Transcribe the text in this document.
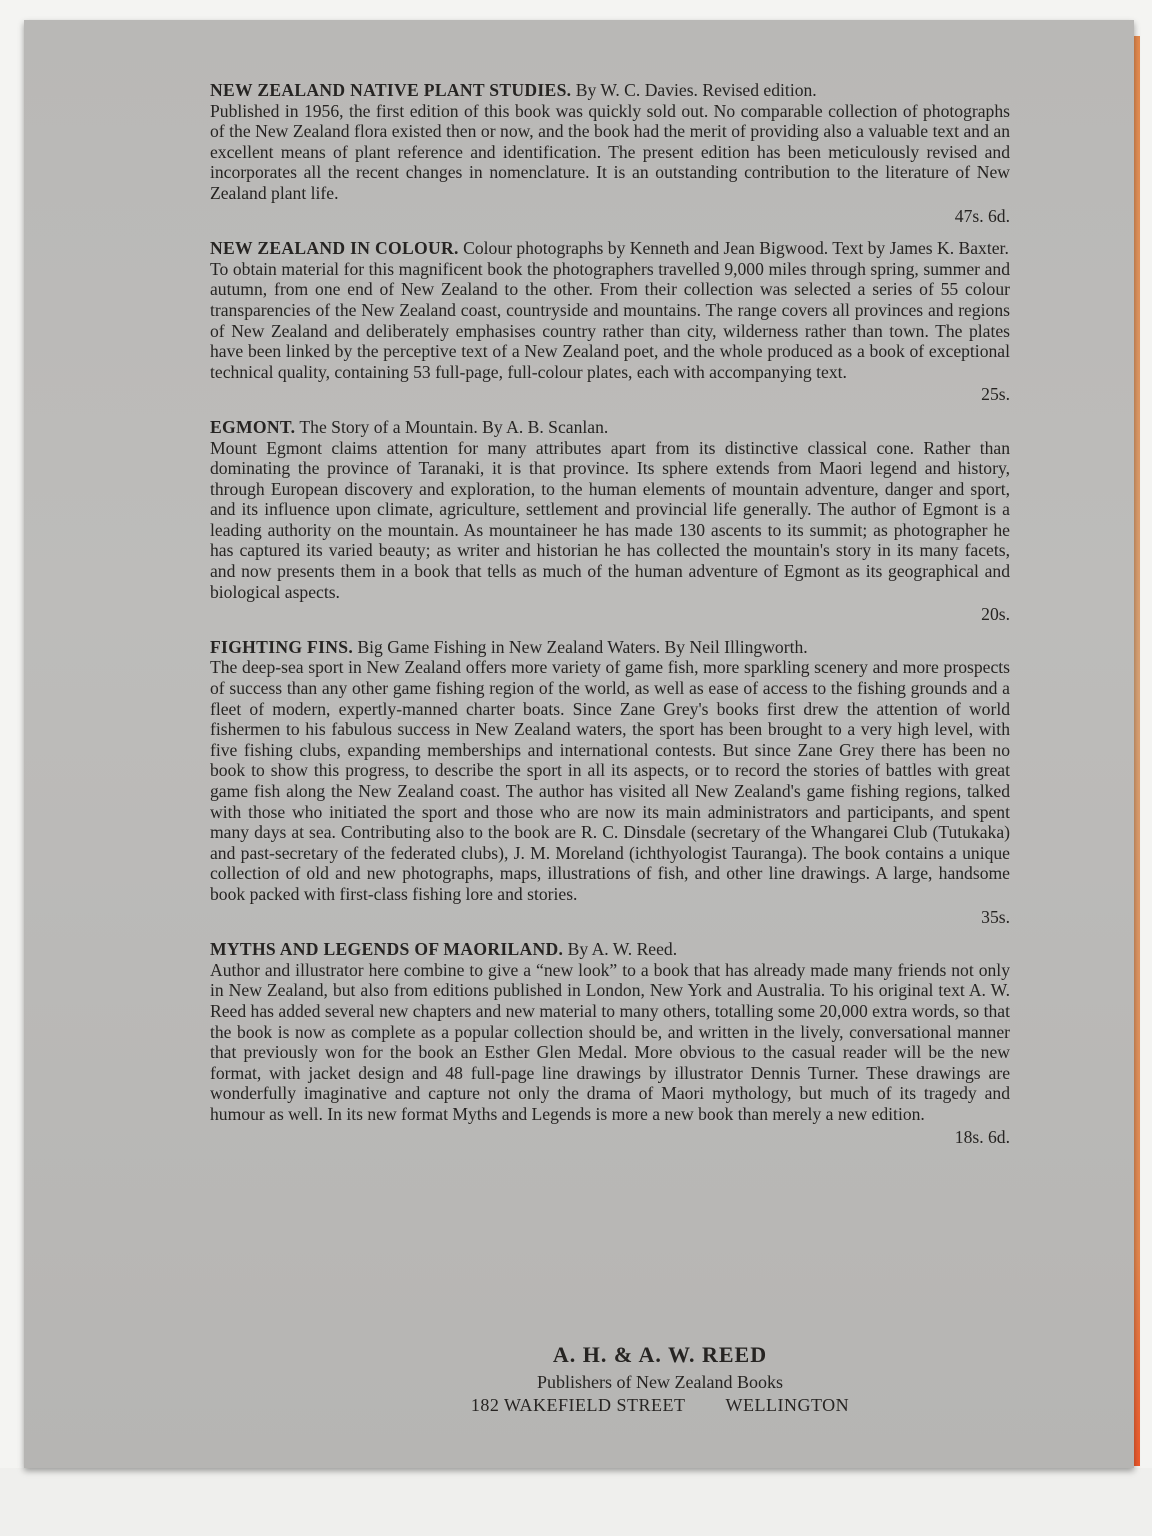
NEW ZEALAND NATIVE PLANT STUDIES. By W. C. Davies. Revised edition.

Published in 1956, the first edition of this book was quickly sold out. No comparable collection of photographs of the New Zealand flora existed then or now, and the book had the merit of providing also a valuable text and an excellent means of plant reference and identification. The present edition has been meticulously revised and incorporates all the recent changes in nomenclature. It is an outstanding contribution to the literature of New Zealand plant life.

47s. 6d.

NEW ZEALAND IN COLOUR. Colour photographs by Kenneth and Jean Bigwood. Text by James K. Baxter.

To obtain material for this magnificent book the photographers travelled 9,000 miles through spring, summer and autumn, from one end of New Zealand to the other. From their collection was selected a series of 55 colour transparencies of the New Zealand coast, countryside and mountains. The range covers all provinces and regions of New Zealand and deliberately emphasises country rather than city, wilderness rather than town. The plates have been linked by the perceptive text of a New Zealand poet, and the whole produced as a book of exceptional technical quality, containing 53 full-page, full-colour plates, each with accompanying text.

25s.

EGMONT. The Story of a Mountain. By A. B. Scanlan.

Mount Egmont claims attention for many attributes apart from its distinctive classical cone. Rather than dominating the province of Taranaki, it is that province. Its sphere extends from Maori legend and history, through European discovery and exploration, to the human elements of mountain adventure, danger and sport, and its influence upon climate, agriculture, settlement and provincial life generally. The author of Egmont is a leading authority on the mountain. As mountaineer he has made 130 ascents to its summit; as photographer he has captured its varied beauty; as writer and historian he has collected the mountain's story in its many facets, and now presents them in a book that tells as much of the human adventure of Egmont as its geographical and biological aspects.

20s.

FIGHTING FINS. Big Game Fishing in New Zealand Waters. By Neil Illingworth.

The deep-sea sport in New Zealand offers more variety of game fish, more sparkling scenery and more prospects of success than any other game fishing region of the world, as well as ease of access to the fishing grounds and a fleet of modern, expertly-manned charter boats. Since Zane Grey's books first drew the attention of world fishermen to his fabulous success in New Zealand waters, the sport has been brought to a very high level, with five fishing clubs, expanding memberships and international contests. But since Zane Grey there has been no book to show this progress, to describe the sport in all its aspects, or to record the stories of battles with great game fish along the New Zealand coast. The author has visited all New Zealand's game fishing regions, talked with those who initiated the sport and those who are now its main administrators and participants, and spent many days at sea. Contributing also to the book are R. C. Dinsdale (secretary of the Whangarei Club (Tutukaka) and past-secretary of the federated clubs), J. M. Moreland (ichthyologist Tauranga). The book contains a unique collection of old and new photographs, maps, illustrations of fish, and other line drawings. A large, handsome book packed with first-class fishing lore and stories.

35s.

MYTHS AND LEGENDS OF MAORILAND. By A. W. Reed.

Author and illustrator here combine to give a “new look” to a book that has already made many friends not only in New Zealand, but also from editions published in London, New York and Australia. To his original text A. W. Reed has added several new chapters and new material to many others, totalling some 20,000 extra words, so that the book is now as complete as a popular collection should be, and written in the lively, conversational manner that previously won for the book an Esther Glen Medal. More obvious to the casual reader will be the new format, with jacket design and 48 full-page line drawings by illustrator Dennis Turner. These drawings are wonderfully imaginative and capture not only the drama of Maori mythology, but much of its tragedy and humour as well. In its new format Myths and Legends is more a new book than merely a new edition.

18s. 6d.
A. H. & A. W. REED
Publishers of New Zealand Books
182 WAKEFIELD STREET WELLINGTON
